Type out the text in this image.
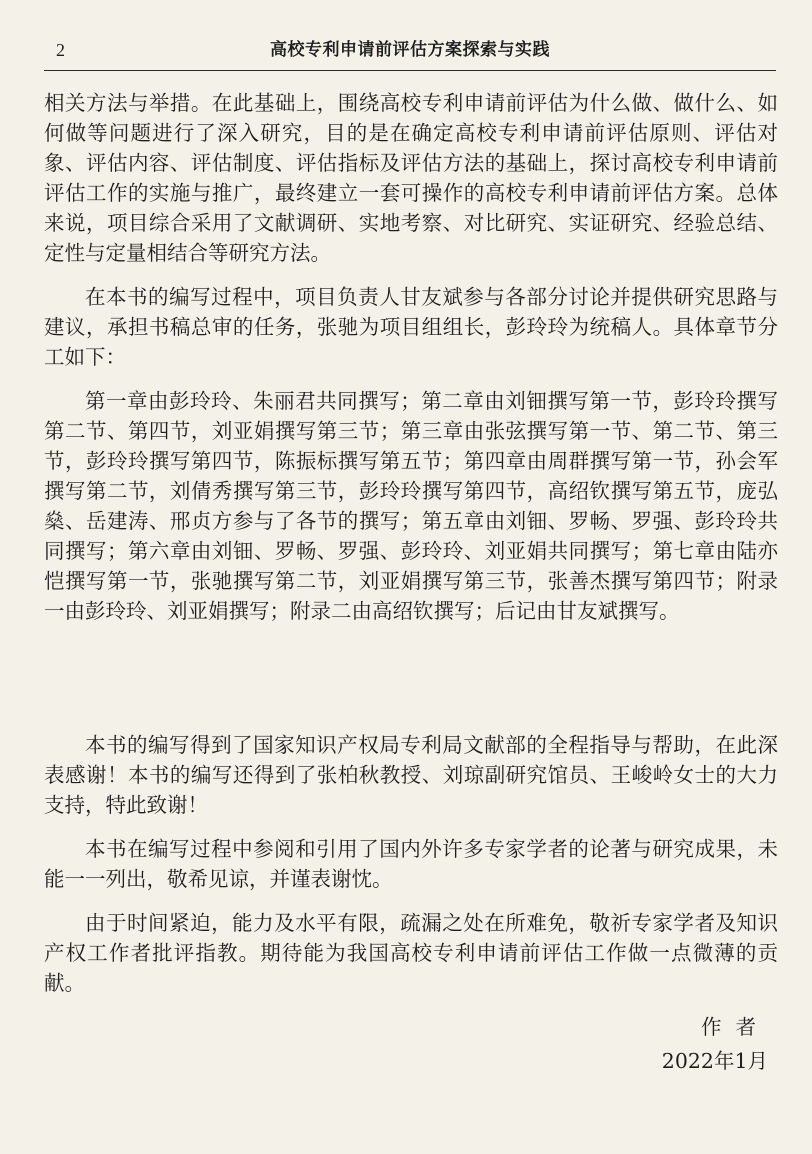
2	高校专利申请前评估方案探索与实践

相关方法与举措。在此基础上，围绕高校专利申请前评估为什么做、做什么、如何做等问题进行了深入研究，目的是在确定高校专利申请前评估原则、评估对象、评估内容、评估制度、评估指标及评估方法的基础上，探讨高校专利申请前评估工作的实施与推广，最终建立一套可操作的高校专利申请前评估方案。总体来说，项目综合采用了文献调研、实地考察、对比研究、实证研究、经验总结、定性与定量相结合等研究方法。

在本书的编写过程中，项目负责人甘友斌参与各部分讨论并提供研究思路与建议，承担书稿总审的任务，张驰为项目组组长，彭玲玲为统稿人。具体章节分工如下：

第一章由彭玲玲、朱丽君共同撰写；第二章由刘钿撰写第一节，彭玲玲撰写第二节、第四节，刘亚娟撰写第三节；第三章由张弦撰写第一节、第二节、第三节，彭玲玲撰写第四节，陈振标撰写第五节；第四章由周群撰写第一节，孙会军撰写第二节，刘倩秀撰写第三节，彭玲玲撰写第四节，高绍钦撰写第五节，庞弘燊、岳建涛、邢贞方参与了各节的撰写；第五章由刘钿、罗畅、罗强、彭玲玲共同撰写；第六章由刘钿、罗畅、罗强、彭玲玲、刘亚娟共同撰写；第七章由陆亦恺撰写第一节，张驰撰写第二节，刘亚娟撰写第三节，张善杰撰写第四节；附录一由彭玲玲、刘亚娟撰写；附录二由高绍钦撰写；后记由甘友斌撰写。

本书的编写得到了国家知识产权局专利局文献部的全程指导与帮助，在此深表感谢！本书的编写还得到了张柏秋教授、刘琼副研究馆员、王峻岭女士的大力支持，特此致谢！

本书在编写过程中参阅和引用了国内外许多专家学者的论著与研究成果，未能一一列出，敬希见谅，并谨表谢忱。

由于时间紧迫，能力及水平有限，疏漏之处在所难免，敬祈专家学者及知识产权工作者批评指教。期待能为我国高校专利申请前评估工作做一点微薄的贡献。

作者
2022年1月
